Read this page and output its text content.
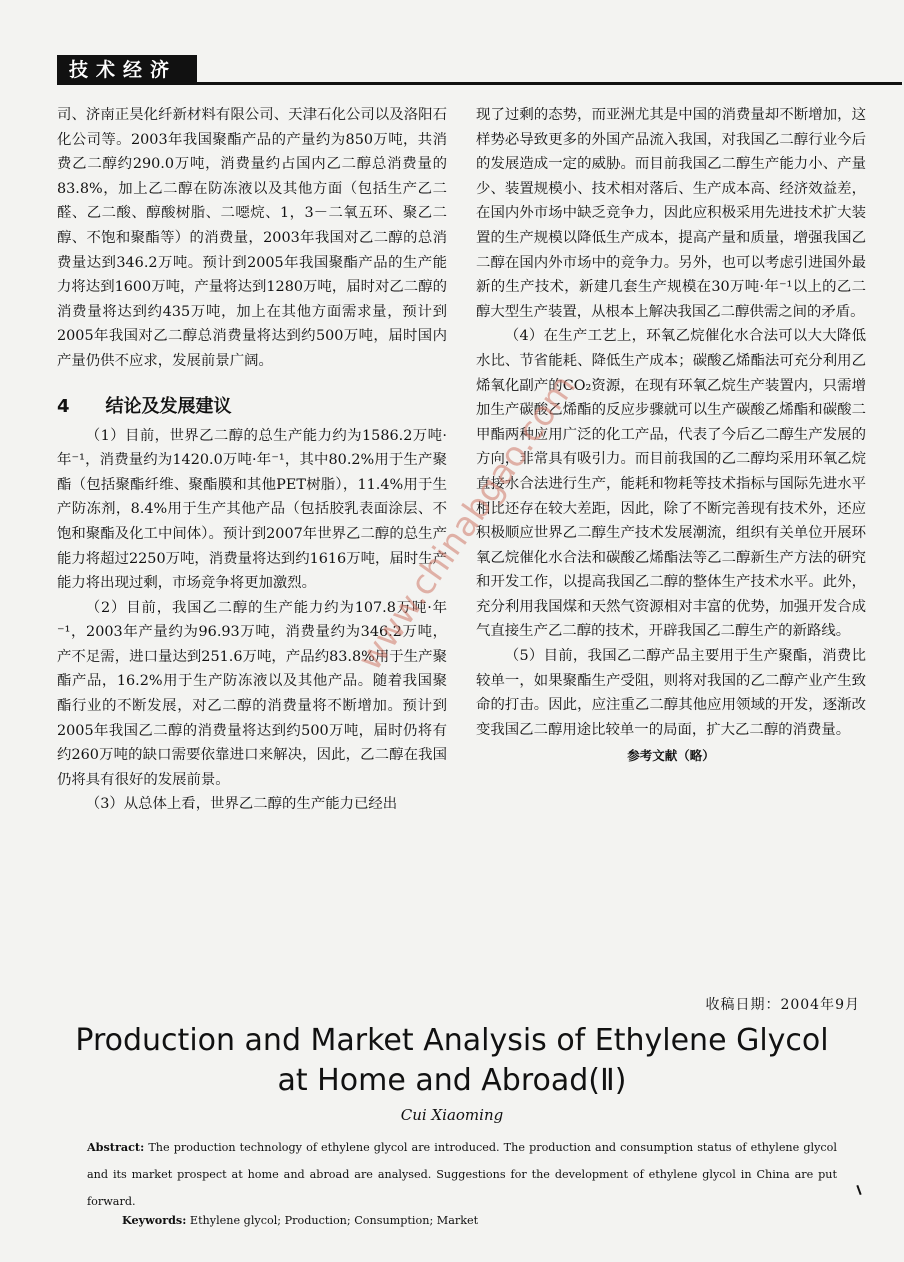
技术经济

司、济南正昊化纤新材料有限公司、天津石化公司以及洛阳石化公司等。2003年我国聚酯产品的产量约为850万吨，共消费乙二醇约290.0万吨，消费量约占国内乙二醇总消费量的83.8%，加上乙二醇在防冻液以及其他方面（包括生产乙二醛、乙二酸、醇酸树脂、二噁烷、1，3－二氧五环、聚乙二醇、不饱和聚酯等）的消费量，2003年我国对乙二醇的总消费量达到346.2万吨。预计到2005年我国聚酯产品的生产能力将达到1600万吨，产量将达到1280万吨，届时对乙二醇的消费量将达到约435万吨，加上在其他方面需求量，预计到2005年我国对乙二醇总消费量将达到约500万吨，届时国内产量仍供不应求，发展前景广阔。

4 结论及发展建议

（1）目前，世界乙二醇的总生产能力约为1586.2万吨·年⁻¹，消费量约为1420.0万吨·年⁻¹，其中80.2%用于生产聚酯（包括聚酯纤维、聚酯膜和其他PET树脂），11.4%用于生产防冻剂，8.4%用于生产其他产品（包括胶乳表面涂层、不饱和聚酯及化工中间体）。预计到2007年世界乙二醇的总生产能力将超过2250万吨，消费量将达到约1616万吨，届时生产能力将出现过剩，市场竞争将更加激烈。

（2）目前，我国乙二醇的生产能力约为107.8万吨·年⁻¹，2003年产量约为96.93万吨，消费量约为346.2万吨，产不足需，进口量达到251.6万吨，产品约83.8%用于生产聚酯产品，16.2%用于生产防冻液以及其他产品。随着我国聚酯行业的不断发展，对乙二醇的消费量将不断增加。预计到2005年我国乙二醇的消费量将达到约500万吨，届时仍将有约260万吨的缺口需要依靠进口来解决，因此，乙二醇在我国仍将具有很好的发展前景。

（3）从总体上看，世界乙二醇的生产能力已经出

现了过剩的态势，而亚洲尤其是中国的消费量却不断增加，这样势必导致更多的外国产品流入我国，对我国乙二醇行业今后的发展造成一定的威胁。而目前我国乙二醇生产能力小、产量少、装置规模小、技术相对落后、生产成本高、经济效益差，在国内外市场中缺乏竞争力，因此应积极采用先进技术扩大装置的生产规模以降低生产成本，提高产量和质量，增强我国乙二醇在国内外市场中的竞争力。另外，也可以考虑引进国外最新的生产技术，新建几套生产规模在30万吨·年⁻¹以上的乙二醇大型生产装置，从根本上解决我国乙二醇供需之间的矛盾。

（4）在生产工艺上，环氧乙烷催化水合法可以大大降低水比、节省能耗、降低生产成本；碳酸乙烯酯法可充分利用乙烯氧化副产的CO₂资源，在现有环氧乙烷生产装置内，只需增加生产碳酸乙烯酯的反应步骤就可以生产碳酸乙烯酯和碳酸二甲酯两种应用广泛的化工产品，代表了今后乙二醇生产发展的方向，非常具有吸引力。而目前我国的乙二醇均采用环氧乙烷直接水合法进行生产，能耗和物耗等技术指标与国际先进水平相比还存在较大差距，因此，除了不断完善现有技术外，还应积极顺应世界乙二醇生产技术发展潮流，组织有关单位开展环氧乙烷催化水合法和碳酸乙烯酯法等乙二醇新生产方法的研究和开发工作，以提高我国乙二醇的整体生产技术水平。此外，充分利用我国煤和天然气资源相对丰富的优势，加强开发合成气直接生产乙二醇的技术，开辟我国乙二醇生产的新路线。

（5）目前，我国乙二醇产品主要用于生产聚酯，消费比较单一，如果聚酯生产受阻，则将对我国的乙二醇产业产生致命的打击。因此，应注重乙二醇其他应用领域的开发，逐渐改变我国乙二醇用途比较单一的局面，扩大乙二醇的消费量。

参考文献（略）
收稿日期：2004年9月
Production and Market Analysis of Ethylene Glycol
at Home and Abroad(Ⅱ)
Cui Xiaoming
Abstract: The production technology of ethylene glycol are introduced. The production and consumption status of ethylene glycol and its market prospect at home and abroad are analysed. Suggestions for the development of ethylene glycol in China are put forward.
Keywords: Ethylene glycol; Production; Consumption; Market
www.chinabgao.com
